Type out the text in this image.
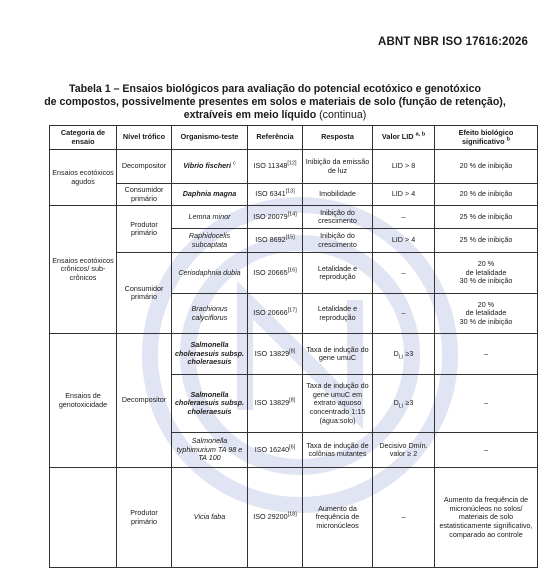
ABNT NBR ISO 17616:2026
Tabela 1 – Ensaios biológicos para avaliação do potencial ecotóxico e genotóxico
de compostos, possivelmente presentes em solos e materiais de solo (função de retenção),
extraíveis em meio líquido (continua)
Categoria de ensaio	Nível trófico	Organismo-teste	Referência	Resposta	Valor LID $^{a, b}$	Efeito biológico significativo $^b$
Ensaios ecotóxicos agudos	Decompositor	Vibrio fischeri $^c$	ISO 11348[12]	Inibição da emissão de luz	LID > 8	20 % de inibição
	Consumidor primário	Daphnia magna	ISO 6341[13]	Imobilidade	LID > 4	20 % de inibição
Ensaios ecotóxicos crônicos/ sub-crônicos	Produtor primário	Lemna minor	ISO 20079[14]	Inibição do crescimento	–	25 % de inibição
		Raphidocelis subcaptata	ISO 8692[15]	Inibição do crescimento	LID > 4	25 % de inibição
	Consumidor primário	Ceriodaphnia dubia	ISO 20665[16]	Letalidade e reprodução	–	20 %
de letalidade
30 % de inibição

		Brachionus calyciflorus	ISO 20666[17]	Letalidade e reprodução	–	20 %
de letalidade
30 % de inibição

Ensaios de genotoxicidade	Decompositor	Salmonella choleraesuis subsp. choleraesuis	ISO 13829[8]	Taxa de indução do gene umuC	$D_{LI} \ge 3$	–
		Salmonella choleraesuis subsp. choleraesuis	ISO 13829[8]	Taxa de indução do gene umuC em extrato aquoso concentrado 1:15 (água:solo)	$D_{LI} \ge 3$	–
		Salmonella typhimurium TA 98 e TA 100	ISO 16240[6]	Taxa de indução de colônias mutantes	Decisivo Dmín.
valor ≥ 2	–
	Produtor primário	Vicia faba	ISO 29200[18]	Aumento da frequência de micronúcleos	–	Aumento da frequência de micronúcleos no solos/ materiais de solo estatisticamente significativo, comparado ao controle
